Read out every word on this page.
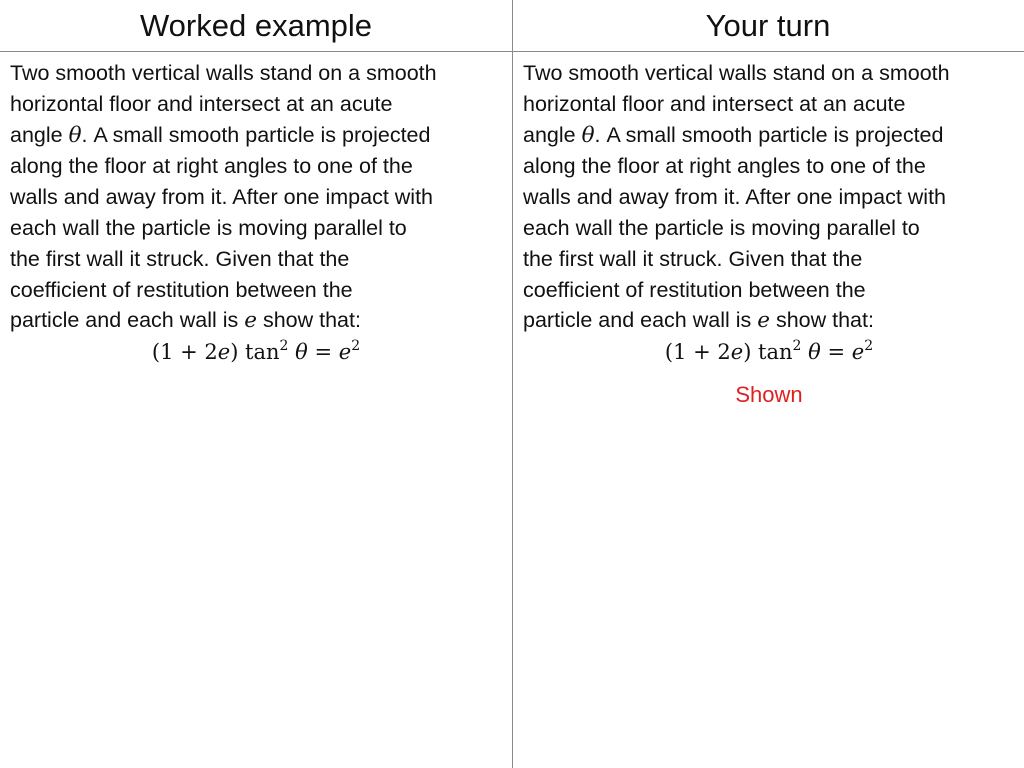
Worked example	Your turn
Two smooth vertical walls stand on a smooth
horizontal floor and intersect at an acute
angle θ. A small smooth particle is projected
along the floor at right angles to one of the
walls and away from it. After one impact with
each wall the particle is moving parallel to
the first wall it struck. Given that the
coefficient of restitution between the
particle and each wall is e show that:
(1 + 2e) $\tan^2 \theta = e^2$
Two smooth vertical walls stand on a smooth
horizontal floor and intersect at an acute
angle θ. A small smooth particle is projected
along the floor at right angles to one of the
walls and away from it. After one impact with
each wall the particle is moving parallel to
the first wall it struck. Given that the
coefficient of restitution between the
particle and each wall is e show that:
(1 + 2e) $\tan^2 \theta = e^2$
Shown
